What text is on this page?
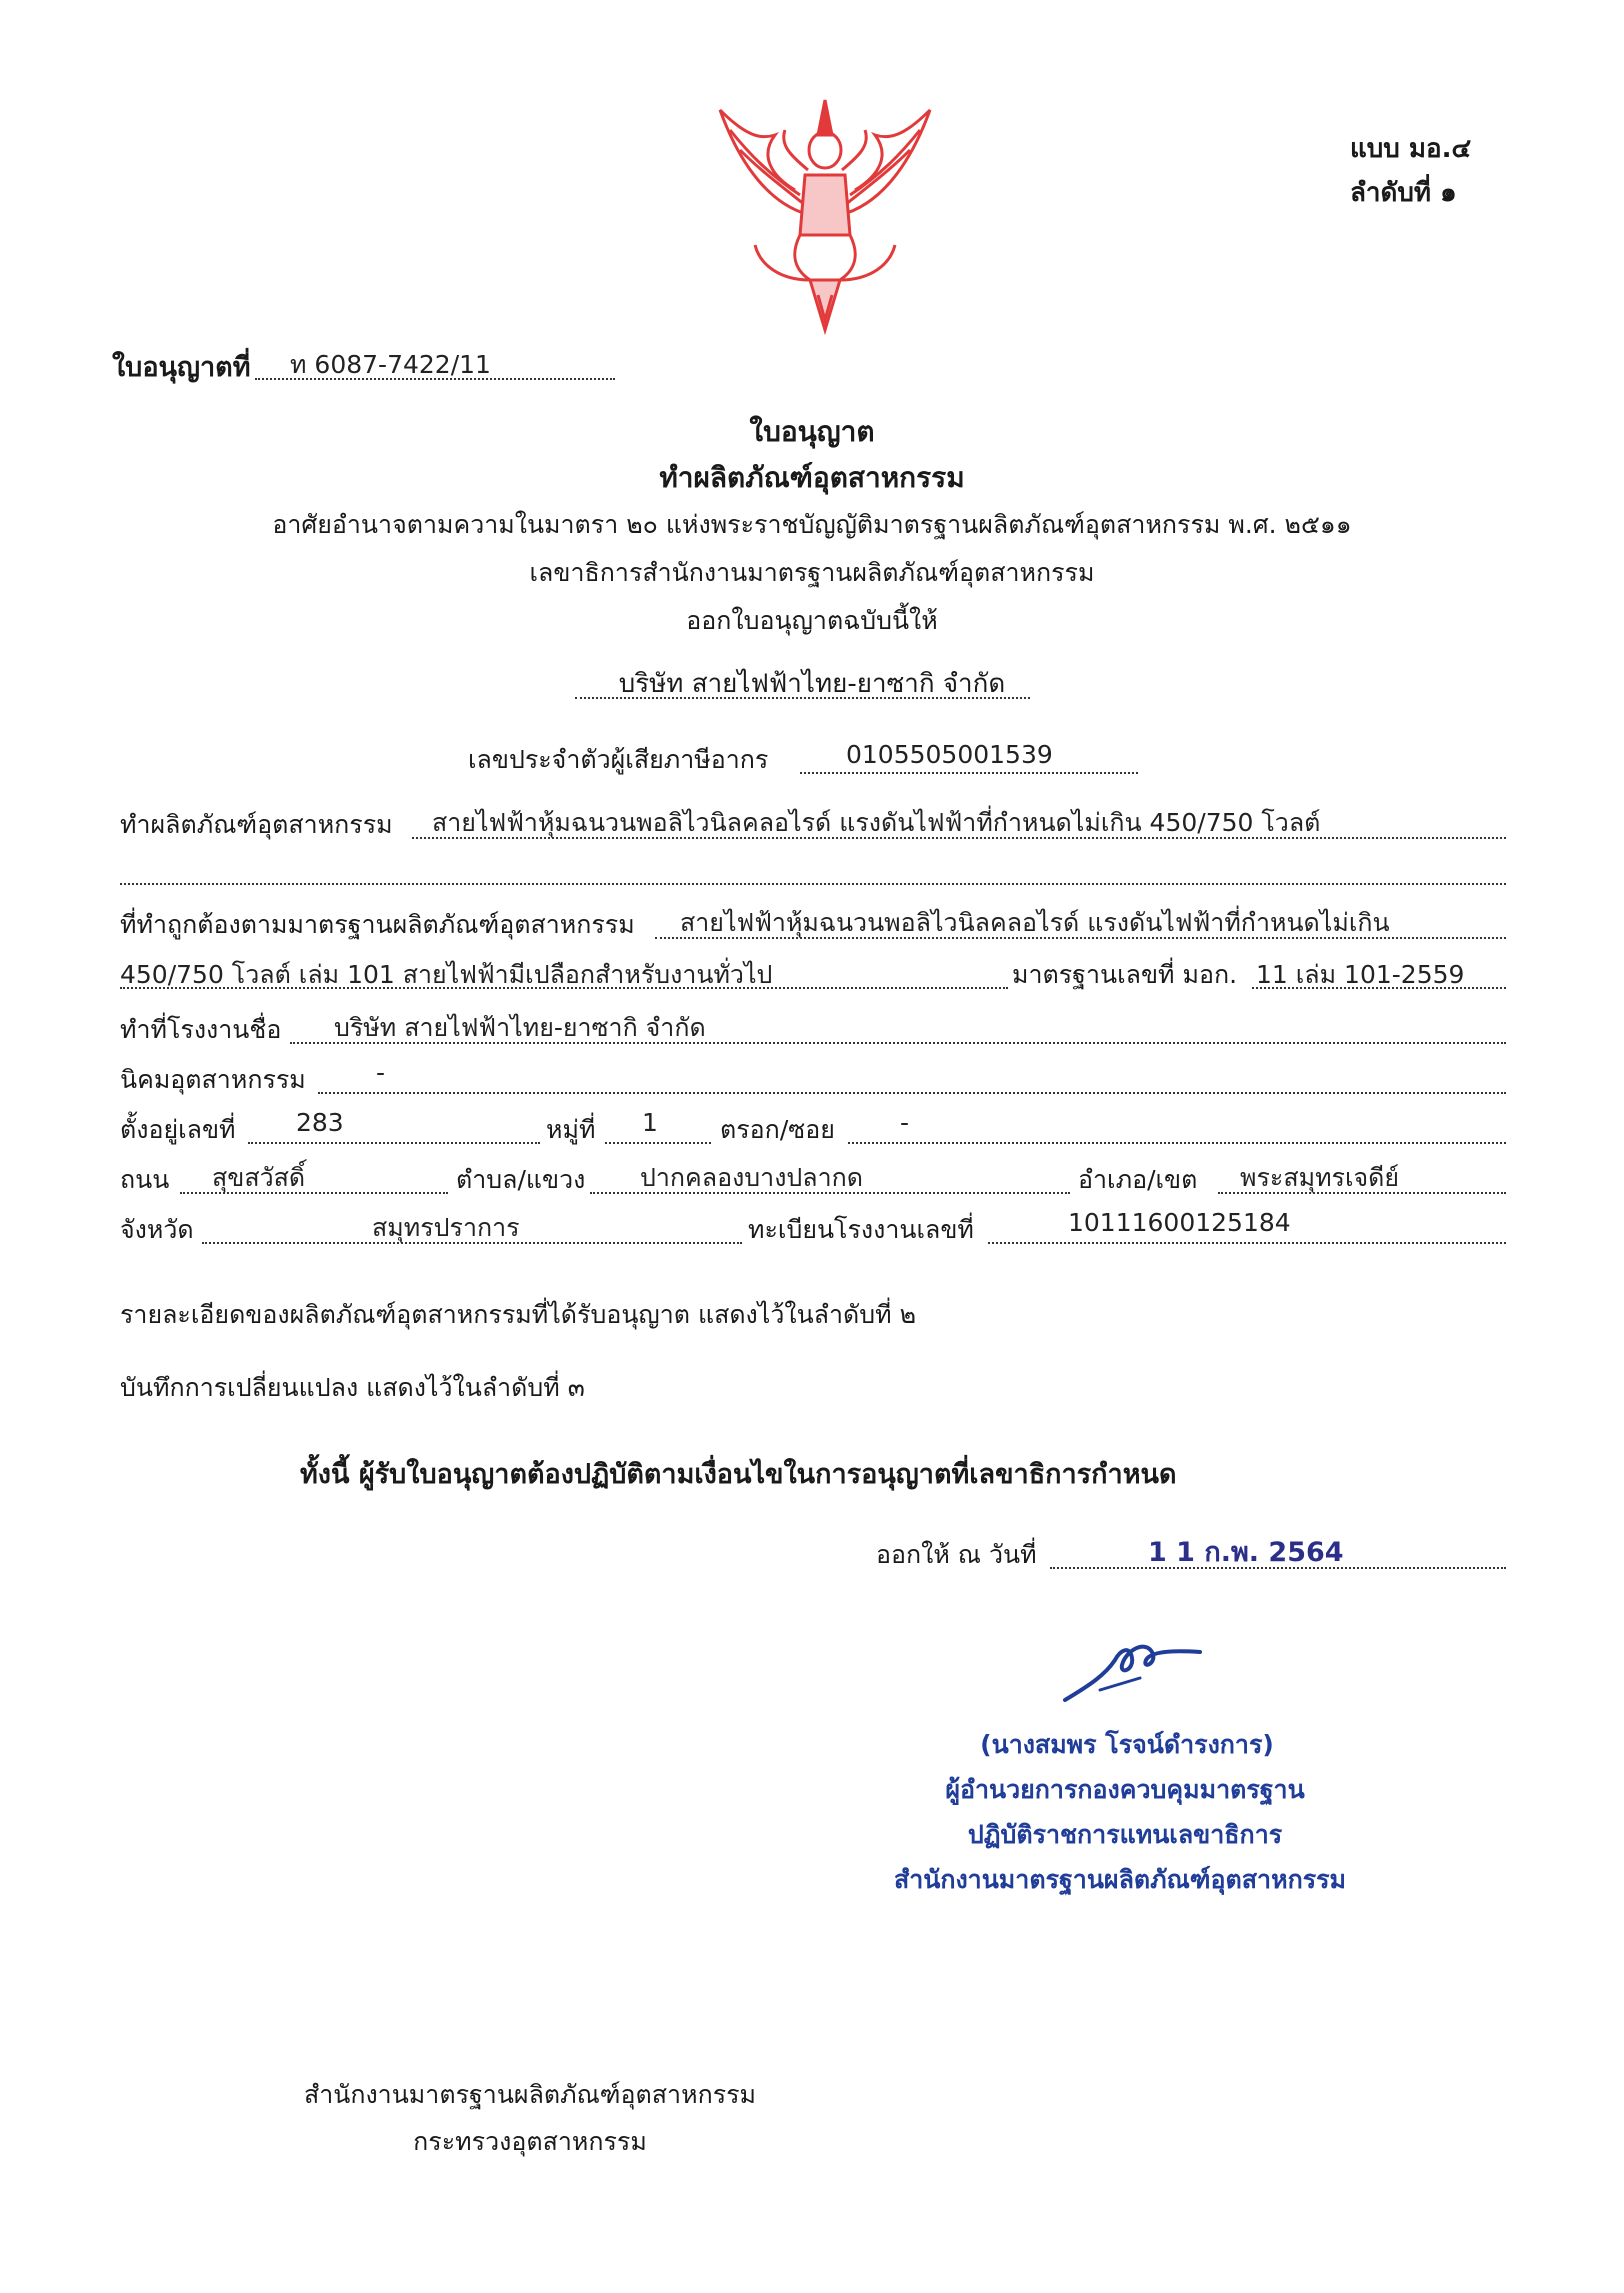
แบบ มอ.๔
ลำดับที่ ๑
ใบอนุญาตที่ ท 6087-7422/11
ใบอนุญาต
ทำผลิตภัณฑ์อุตสาหกรรม
อาศัยอำนาจตามความในมาตรา ๒๐ แห่งพระราชบัญญัติมาตรฐานผลิตภัณฑ์อุตสาหกรรม พ.ศ. ๒๕๑๑
เลขาธิการสำนักงานมาตรฐานผลิตภัณฑ์อุตสาหกรรม
ออกใบอนุญาตฉบับนี้ให้
บริษัท สายไฟฟ้าไทย-ยาซากิ จำกัด
เลขประจำตัวผู้เสียภาษีอากร	0105505001539
ทำผลิตภัณฑ์อุตสาหกรรม สายไฟฟ้าหุ้มฉนวนพอลิไวนิลคลอไรด์ แรงดันไฟฟ้าที่กำหนดไม่เกิน 450/750 โวลต์
ที่ทำถูกต้องตามมาตรฐานผลิตภัณฑ์อุตสาหกรรม สายไฟฟ้าหุ้มฉนวนพอลิไวนิลคลอไรด์ แรงดันไฟฟ้าที่กำหนดไม่เกิน
450/750 โวลต์ เล่ม 101 สายไฟฟ้ามีเปลือกสำหรับงานทั่วไป	มาตรฐานเลขที่ มอก. 11 เล่ม 101-2559
ทำที่โรงงานชื่อ บริษัท สายไฟฟ้าไทย-ยาซากิ จำกัด
นิคมอุตสาหกรรม	-
ตั้งอยู่เลขที่ 283	หมู่ที่ 1 ตรอก/ซอย	-
ถนน สุขสวัสดิ์	ตำบล/แขวง ปากคลองบางปลากด	อำเภอ/เขต พระสมุทรเจดีย์
จังหวัด	สมุทรปราการ	ทะเบียนโรงงานเลขที่	10111600125184
รายละเอียดของผลิตภัณฑ์อุตสาหกรรมที่ได้รับอนุญาต แสดงไว้ในลำดับที่ ๒
บันทึกการเปลี่ยนแปลง แสดงไว้ในลำดับที่ ๓
ทั้งนี้ ผู้รับใบอนุญาตต้องปฏิบัติตามเงื่อนไขในการอนุญาตที่เลขาธิการกำหนด
ออกให้ ณ วันที่	1 1 ก.พ. 2564
(นางสมพร โรจน์ดำรงการ)
ผู้อำนวยการกองควบคุมมาตรฐาน
ปฏิบัติราชการแทนเลขาธิการ
สำนักงานมาตรฐานผลิตภัณฑ์อุตสาหกรรม
สำนักงานมาตรฐานผลิตภัณฑ์อุตสาหกรรม
กระทรวงอุตสาหกรรม
